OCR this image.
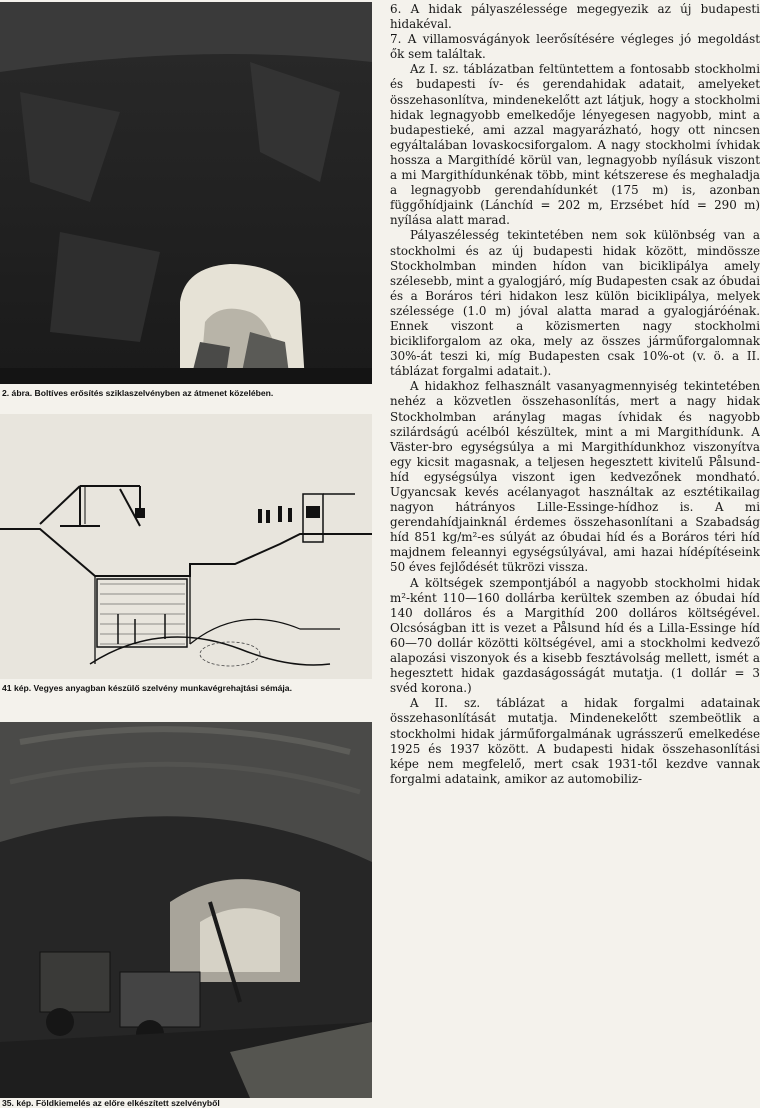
2. ábra. Boltíves erősítés sziklaszelvényben az átmenet közelében.
41 kép. Vegyes anyagban készülő szelvény munkavégrehajtási sémája.
35. kép. Földkiemelés az előre elkészített szelvényből

6. A hidak pályaszélessége megegyezik az új budapesti hidakéval.

7. A villamosvágányok leerősítésére végleges jó megoldást ők sem találtak.

Az I. sz. táblázatban feltüntettem a fontosabb stockholmi és budapesti ív- és gerendahidak adatait, amelyeket összehasonlítva, mindenekelőtt azt látjuk, hogy a stockholmi hidak legnagyobb emelkedője lényegesen nagyobb, mint a budapestieké, ami azzal magyarázható, hogy ott nincsen egyáltalában lovaskocsiforgalom. A nagy stockholmi ívhidak hossza a Margithídé körül van, legnagyobb nyílásuk viszont a mi Margithídunkénak több, mint kétszerese és meghaladja a legnagyobb gerendahídunkét (175 m) is, azonban függőhídjaink (Lánchíd = 202 m, Erzsébet híd = 290 m) nyílása alatt marad.

Pályaszélesség tekintetében nem sok különbség van a stockholmi és az új budapesti hidak között, mindössze Stockholmban minden hídon van biciklipálya amely szélesebb, mint a gyalogjáró, míg Budapesten csak az óbudai és a Boráros téri hidakon lesz külön biciklipálya, melyek szélessége (1.0 m) jóval alatta marad a gyalogjáróénak. Ennek viszont a közismerten nagy stockholmi bicikliforgalom az oka, mely az összes járműforgalomnak 30%-át teszi ki, míg Budapesten csak 10%-ot (v. ö. a II. táblázat forgalmi adatait.).

A hidakhoz felhasznált vasanyagmennyiség tekintetében nehéz a közvetlen összehasonlítás, mert a nagy hidak Stockholmban aránylag magas ívhidak és nagyobb szilárdságú acélból készültek, mint a mi Margithídunk. A Väster-bro egységsúlya a mi Margithídunkhoz viszonyítva egy kicsit magasnak, a teljesen hegesztett kivitelű Pålsund-híd egységsúlya viszont igen kedvezőnek mondható. Ugyancsak kevés acélanyagot használtak az esztétikailag nagyon hátrányos Lille-Essinge-hídhoz is. A mi gerendahídjainknál érdemes összehasonlítani a Szabadság híd 851 kg/m²-es súlyát az óbudai híd és a Boráros téri híd majdnem feleannyi egységsúlyával, ami hazai hídépítéseink 50 éves fejlődését tükrözi vissza.

A költségek szempontjából a nagyobb stockholmi hidak m²-ként 110—160 dollárba kerültek szemben az óbudai híd 140 dolláros és a Margithíd 200 dolláros költségével. Olcsóságban itt is vezet a Pålsund híd és a Lilla-Essinge híd 60—70 dollár közötti költségével, ami a stockholmi kedvező alapozási viszonyok és a kisebb fesztávolság mellett, ismét a hegesztett hidak gazdaságosságát mutatja. (1 dollár = 3 svéd korona.)

A II. sz. táblázat a hidak forgalmi adatainak összehasonlítását mutatja. Mindenekelőtt szembeötlik a stockholmi hidak járműforgalmának ugrásszerű emelkedése 1925 és 1937 között. A budapesti hidak összehasonlítási képe nem megfelelő, mert csak 1931-től kezdve vannak forgalmi adataink, amikor az automobiliz-
